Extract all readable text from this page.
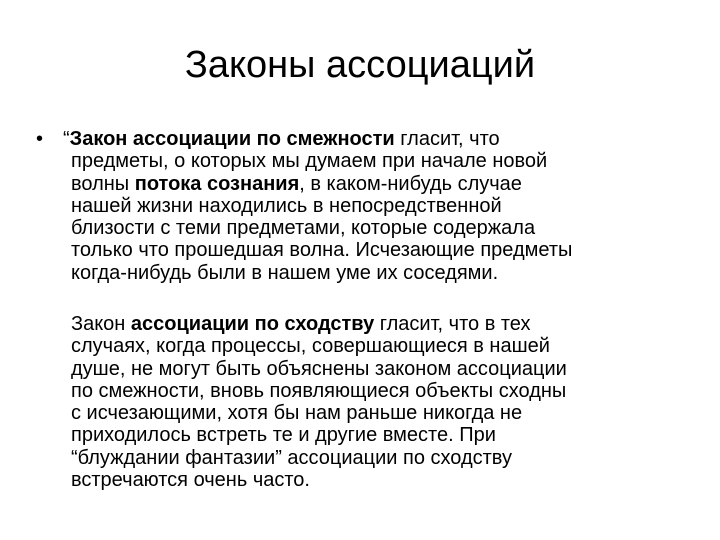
Законы ассоциаций
• “Закон ассоциации по смежности гласит, что
предметы, о которых мы думаем при начале новой
волны потока сознания, в каком-нибудь случае
нашей жизни находились в непосредственной
близости с теми предметами, которые содержала
только что прошедшая волна. Исчезающие предметы
когда-нибудь были в нашем уме их соседями.

Закон ассоциации по сходству гласит, что в тех
случаях, когда процессы, совершающиеся в нашей
душе, не могут быть объяснены законом ассоциации
по смежности, вновь появляющиеся объекты сходны
с исчезающими, хотя бы нам раньше никогда не
приходилось встреть те и другие вместе. При
“блуждании фантазии” ассоциации по сходству
встречаются очень часто.
